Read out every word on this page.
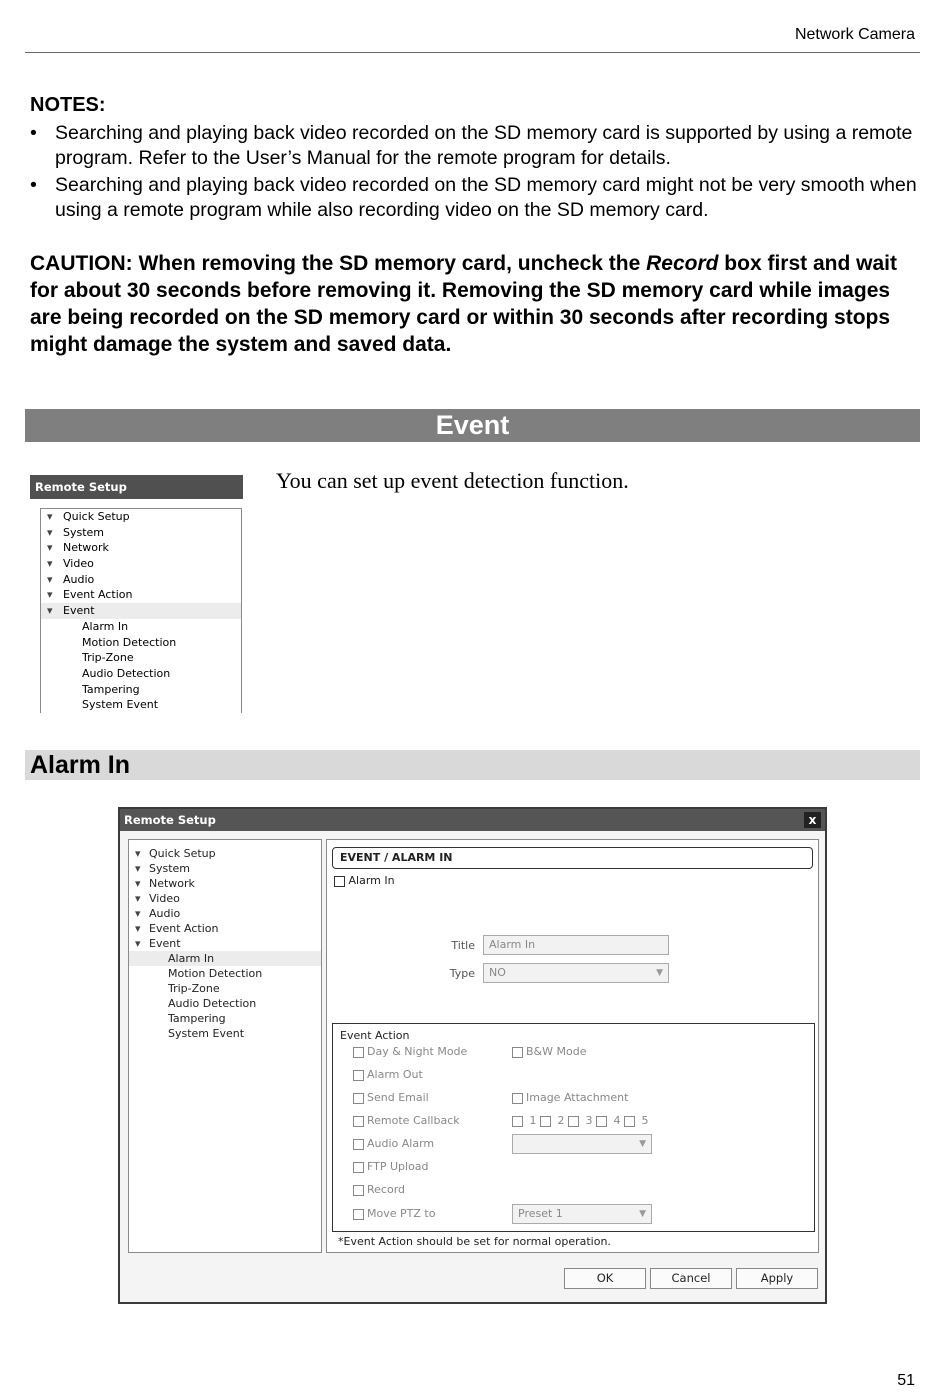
Network Camera
NOTES:
• Searching and playing back video recorded on the SD memory card is supported by using a remote program. Refer to the User’s Manual for the remote program for details.
• Searching and playing back video recorded on the SD memory card might not be very smooth when using a remote program while also recording video on the SD memory card.

CAUTION: When removing the SD memory card, uncheck the Record box first and wait for about 30 seconds before removing it. Removing the SD memory card while images are being recorded on the SD memory card or within 30 seconds after recording stops might damage the system and saved data.

Event
Remote Setup
▾ Quick Setup
▾ System
▾ Network
▾ Video
▾ Audio
▾ Event Action
▾ Event
Alarm In
Motion Detection
Trip-Zone
Audio Detection
Tampering
System Event
You can set up event detection function.
Alarm In
Remote Setup	x
▾ Quick Setup
▾ System
▾ Network
▾ Video
▾ Audio
▾ Event Action
▾ Event
Alarm In
Motion Detection
Trip-Zone
Audio Detection
Tampering
System Event
EVENT / ALARM IN
Alarm In
Title	Alarm In
Type	NO	▼
Event Action
Day & Night Mode	B&W Mode
Alarm Out
Send Email	Image Attachment
Remote Callback	1 2 3 4 5
Audio Alarm	▼
FTP Upload
Record
Move PTZ to	Preset 1	▼
*Event Action should be set for normal operation.
OK	Cancel	Apply
51
